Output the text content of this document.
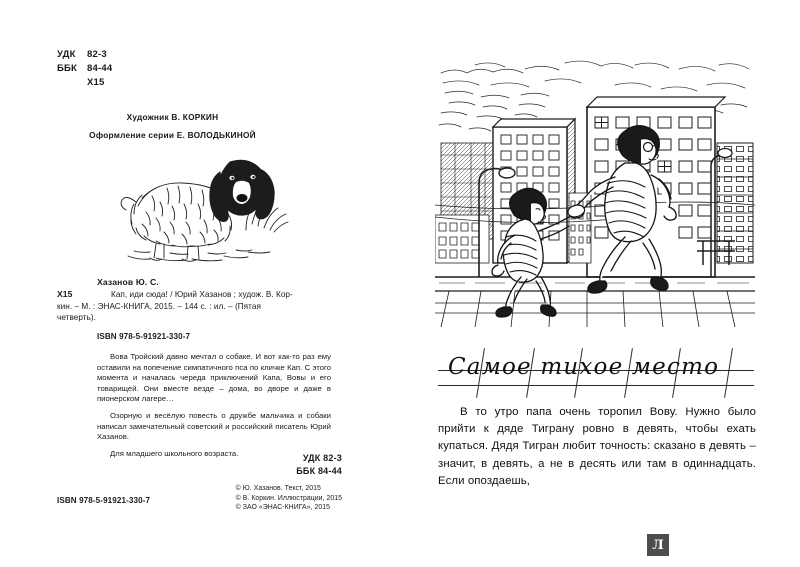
УДК	82-3
ББК	84-44
Х15
Художник В. КОРКИН
Оформление серии Е. ВОЛОДЬКИНОЙ
Хазанов Ю. С.
Х15	Кап, иди сюда! / Юрий Хазанов ; худож. В. Кор-
кин. – М. : ЭНАС-КНИГА, 2015. – 144 с. : ил. – (Пятая
четверть).
ISBN 978-5-91921-330-7

Вова Тройский давно мечтал о собаке. И вот как-то раз ему оставили на попечение симпатичного пса по кличке Кап. С этого момента и началась череда приключений Капа, Вовы и его товарищей. Они вместе везде – дома, во дворе и даже в пионерском лагере…

Озорную и весёлую повесть о дружбе мальчика и собаки написал замечательный советский и российский писатель Юрий Хазанов.

Для младшего школьного возраста.	УДК 82-3
ББК 84-44
© Ю. Хазанов. Текст, 2015
© В. Коркин. Иллюстрации, 2015
© ЗАО «ЭНАС-КНИГА», 2015
ISBN 978-5-91921-330-7
Самое тихое место

В то утро папа очень торопил Вову. Нужно было прийти к дяде Тиграну ровно в девять, чтобы ехать купаться. Дядя Тигран любит точность: сказано в девять – значит, в девять, а не в десять или там в одиннадцать. Если опоздаешь,

Л
